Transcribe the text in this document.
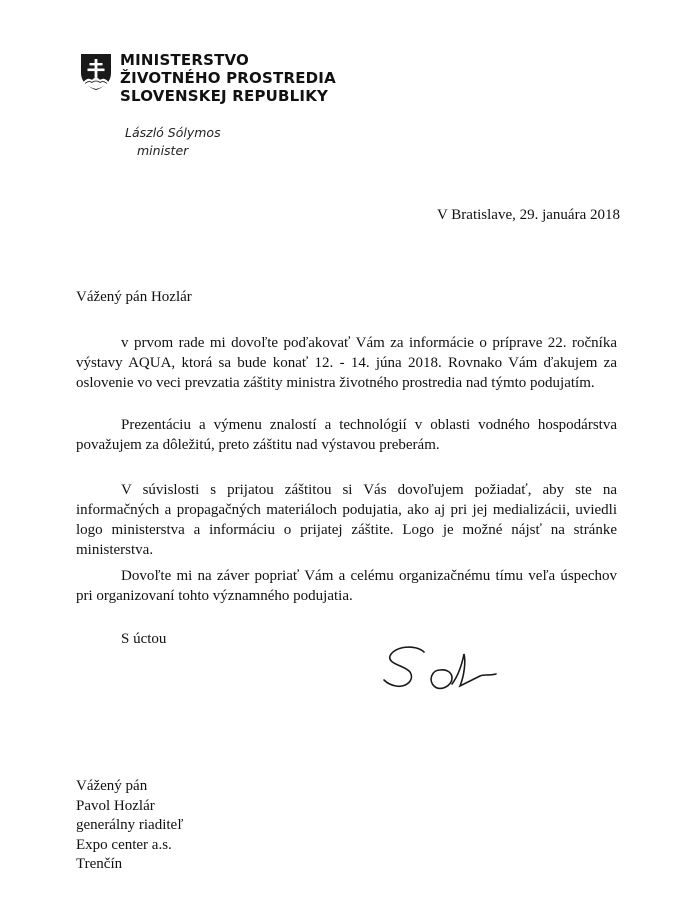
MINISTERSTVO
ŽIVOTNÉHO PROSTREDIA
SLOVENSKEJ REPUBLIKY
László Sólymos
minister
V Bratislave, 29. januára 2018
Vážený pán Hozlár

v prvom rade mi dovoľte poďakovať Vám za informácie o príprave 22. ročníka výstavy AQUA, ktorá sa bude konať 12. - 14. júna 2018. Rovnako Vám ďakujem za oslovenie vo veci prevzatia záštity ministra životného prostredia nad týmto podujatím.

Prezentáciu a výmenu znalostí a technológií v oblasti vodného hospodárstva považujem za dôležitú, preto záštitu nad výstavou preberám.

V súvislosti s prijatou záštitou si Vás dovoľujem požiadať, aby ste na informačných a propagačných materiáloch podujatia, ako aj pri jej medializácii, uviedli logo ministerstva a informáciu o prijatej záštite. Logo je možné nájsť na stránke ministerstva.

Dovoľte mi na záver popriať Vám a celému organizačnému tímu veľa úspechov pri organizovaní tohto významného podujatia.

S úctou
Vážený pán
Pavol Hozlár
generálny riaditeľ
Expo center a.s.
Trenčín
